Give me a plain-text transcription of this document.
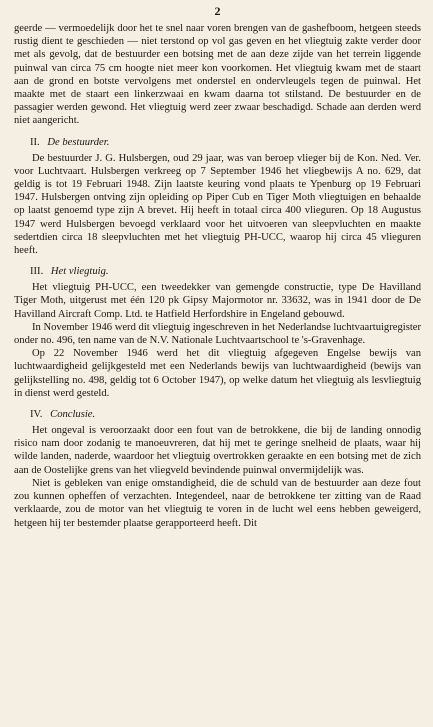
2

geerde — vermoedelijk door het te snel naar voren brengen van de gashefboom, hetgeen steeds rustig dient te geschieden — niet terstond op vol gas geven en het vliegtuig zakte verder door met als gevolg, dat de bestuurder een botsing met de aan deze zijde van het terrein liggende puinwal van circa 75 cm hoogte niet meer kon voorkomen. Het vliegtuig kwam met de staart aan de grond en botste vervolgens met onderstel en ondervleugels tegen de puinwal. Het maakte met de staart een linkerzwaai en kwam daarna tot stilstand. De bestuurder en de passagier werden gewond. Het vliegtuig werd zeer zwaar beschadigd. Schade aan derden werd niet aangericht.

II. De bestuurder.

De bestuurder J. G. Hulsbergen, oud 29 jaar, was van beroep vlieger bij de Kon. Ned. Ver. voor Luchtvaart. Hulsbergen verkreeg op 7 September 1946 het vliegbewijs A no. 629, dat geldig is tot 19 Februari 1948. Zijn laatste keuring vond plaats te Ypenburg op 19 Februari 1947. Hulsbergen ontving zijn opleiding op Piper Cub en Tiger Moth vliegtuigen en behaalde op laatst genoemd type zijn A brevet. Hij heeft in totaal circa 400 vlieguren. Op 18 Augustus 1947 werd Hulsbergen bevoegd verklaard voor het uitvoeren van sleepvluchten en maakte sedertdien circa 18 sleepvluchten met het vliegtuig PH-UCC, waarop hij circa 45 vlieguren heeft.

III. Het vliegtuig.

Het vliegtuig PH-UCC, een tweedekker van gemengde constructie, type De Havilland Tiger Moth, uitgerust met één 120 pk Gipsy Majormotor nr. 33632, was in 1941 door de De Havilland Aircraft Comp. Ltd. te Hatfield Herfordshire in Engeland gebouwd.

In November 1946 werd dit vliegtuig ingeschreven in het Nederlandse luchtvaartuigregister onder no. 496, ten name van de N.V. Nationale Luchtvaartschool te 's-Gravenhage.

Op 22 November 1946 werd het dit vliegtuig afgegeven Engelse bewijs van luchtwaardigheid gelijkgesteld met een Nederlands bewijs van luchtwaardigheid (bewijs van gelijkstelling no. 498, geldig tot 6 October 1947), op welke datum het vliegtuig als lesvliegtuig in dienst werd gesteld.

IV. Conclusie.

Het ongeval is veroorzaakt door een fout van de betrokkene, die bij de landing onnodig risico nam door zodanig te manoeuvreren, dat hij met te geringe snelheid de plaats, waar hij wilde landen, naderde, waardoor het vliegtuig overtrokken geraakte en een botsing met de zich aan de Oostelijke grens van het vliegveld bevindende puinwal onvermijdelijk was.

Niet is gebleken van enige omstandigheid, die de schuld van de bestuurder aan deze fout zou kunnen opheffen of verzachten. Integendeel, naar de betrokkene ter zitting van de Raad verklaarde, zou de motor van het vliegtuig te voren in de lucht wel eens hebben geweigerd, hetgeen hij ter bestemder plaatse gerapporteerd heeft. Dit
